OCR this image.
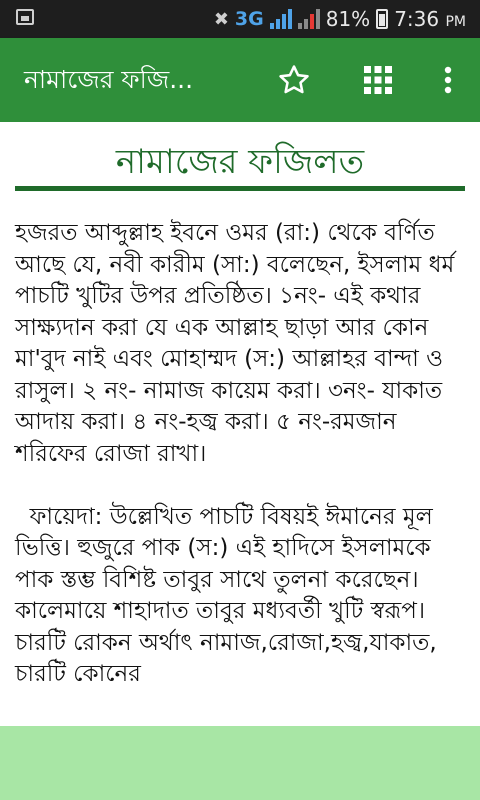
✖ 3G	81% 7:36 PM
নামাজের ফজি...
নামাজের ফজিলত
হজরত আব্দুল্লাহ ইবনে ওমর (রা:) থেকে বর্ণিত আছে যে, নবী কারীম (সা:) বলেছেন, ইসলাম ধর্ম পাচটি খুটির উপর প্রতিষ্ঠিত। ১নং- এই কথার সাক্ষ্যদান করা যে এক আল্লাহ ছাড়া আর কোন মা'বুদ নাই এবং মোহাম্মদ (স:) আল্লাহর বান্দা ও রাসুল। ২ নং- নামাজ কায়েম করা। ৩নং- যাকাত আদায় করা। ৪ নং-হজ্ব করা। ৫ নং-রমজান শরিফের রোজা রাখা।

ফায়েদা: উল্লেখিত পাচটি বিষয়ই ঈমানের মূল ভিত্তি। হুজুরে পাক (স:) এই হাদিসে ইসলামকে পাক স্তম্ভ বিশিষ্ট তাবুর সাথে তুলনা করেছেন। কালেমায়ে শাহাদাত তাবুর মধ্যবর্তী খুটি স্বরূপ। চারটি রোকন অর্থাৎ নামাজ,রোজা,হজ্ব,যাকাত, চারটি কোনের
